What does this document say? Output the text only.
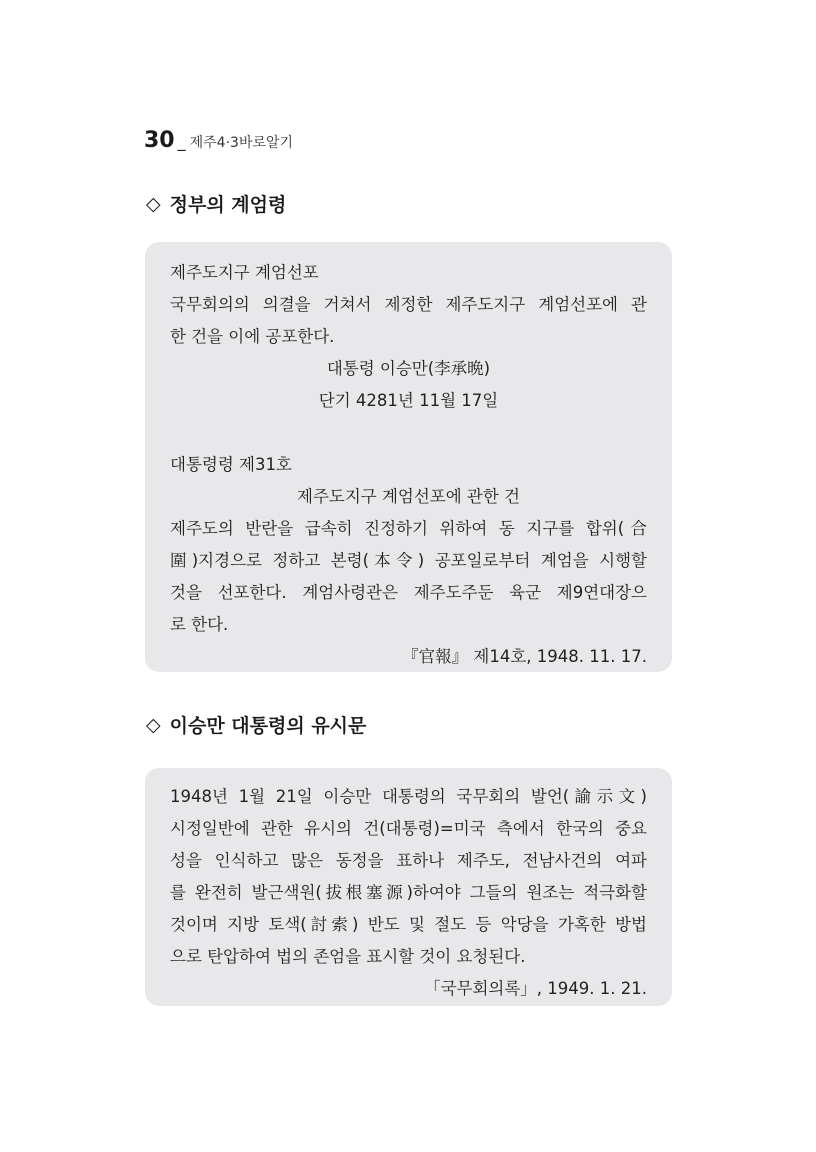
30 _ 제주4·3바로알기
◇ 정부의 계엄령
제주도지구 계엄선포
국무회의의 의결을 거쳐서 제정한 제주도지구 계엄선포에 관
한 건을 이에 공포한다.
대통령 이승만(李承晩)
단기 4281년 11월 17일
대통령령 제31호
제주도지구 계엄선포에 관한 건
제주도의 반란을 급속히 진정하기 위하여 동 지구를 합위(合
圍)지경으로 정하고 본령(本令) 공포일로부터 계엄을 시행할
것을 선포한다. 계엄사령관은 제주도주둔 육군 제9연대장으
로 한다.
『官報』 제14호, 1948. 11. 17.
◇ 이승만 대통령의 유시문
1948년 1월 21일 이승만 대통령의 국무회의 발언(諭示文)
시정일반에 관한 유시의 건(대통령)=미국 측에서 한국의 중요
성을 인식하고 많은 동정을 표하나 제주도, 전남사건의 여파
를 완전히 발근색원(拔根塞源)하여야 그들의 원조는 적극화할
것이며 지방 토색(討索) 반도 및 절도 등 악당을 가혹한 방법
으로 탄압하여 법의 존엄을 표시할 것이 요청된다.
「국무회의록」, 1949. 1. 21.
